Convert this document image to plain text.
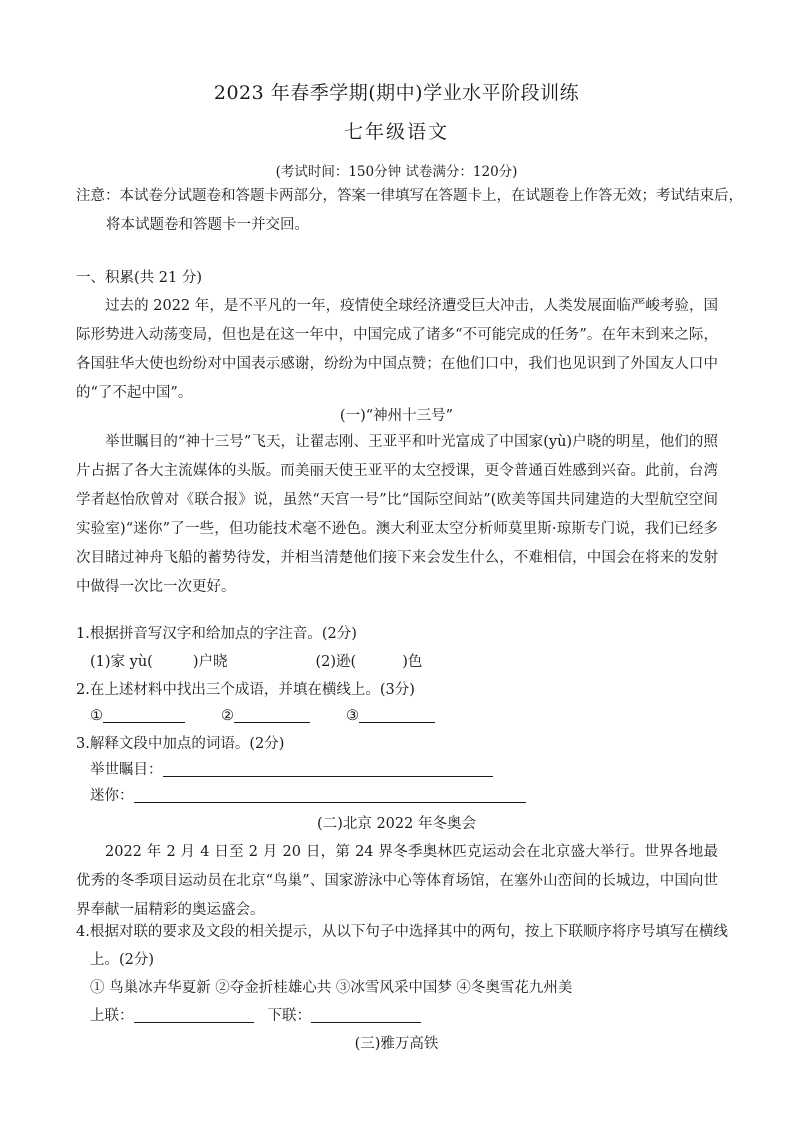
2023 年春季学期(期中)学业水平阶段训练
七年级语文
(考试时间：150分钟 试卷满分：120分)
注意：本试卷分试题卷和答题卡两部分，答案一律填写在答题卡上，在试题卷上作答无效；考试结束后，
将本试题卷和答题卡一并交回。
一、积累(共 21 分)
过去的 2022 年，是不平凡的一年，疫情使全球经济遭受巨大冲击，人类发展面临严峻考验，国际形势进入动荡变局，但也是在这一年中，中国完成了诸多“不可能完成的任务”。在年末到来之际，各国驻华大使也纷纷对中国表示感谢，纷纷为中国点赞；在他们口中，我们也见识到了外国友人口中的“了不起中国”。
(一)“神州十三号”
举世瞩目的“神十三号”飞天，让翟志刚、王亚平和叶光富成了中国家(yù)户晓的明星，他们的照片占据了各大主流媒体的头版。而美丽天使王亚平的太空授课，更令普通百姓感到兴奋。此前，台湾学者赵怡欣曾对《联合报》说，虽然“天宫一号”比“国际空间站”(欧美等国共同建造的大型航空空间实验室)“迷你”了一些，但功能技术毫不逊色。澳大利亚太空分析师莫里斯·琼斯专门说，我们已经多次目睹过神舟飞船的蓄势待发，并相当清楚他们接下来会发生什么，不难相信，中国会在将来的发射中做得一次比一次更好。
1.根据拼音写汉字和给加点的字注音。(2分)
(1)家 yù(	)户晓	(2)逊(	)色
2.在上述材料中找出三个成语，并填在横线上。(3分)
①	②	③
3.解释文段中加点的词语。(2分)
举世瞩目：
迷你：
(二)北京 2022 年冬奥会
2022 年 2 月 4 日至 2 月 20 日，第 24 界冬季奥林匹克运动会在北京盛大举行。世界各地最优秀的冬季项目运动员在北京“鸟巢”、国家游泳中心等体育场馆，在塞外山峦间的长城边，中国向世界奉献一届精彩的奥运盛会。
4.根据对联的要求及文段的相关提示，从以下句子中选择其中的两句，按上下联顺序将序号填写在横线
上。(2分)
① 鸟巢冰卉华夏新 ②夺金折桂雄心共 ③冰雪风采中国梦 ④冬奥雪花九州美
上联：	下联：
(三)雅万高铁
